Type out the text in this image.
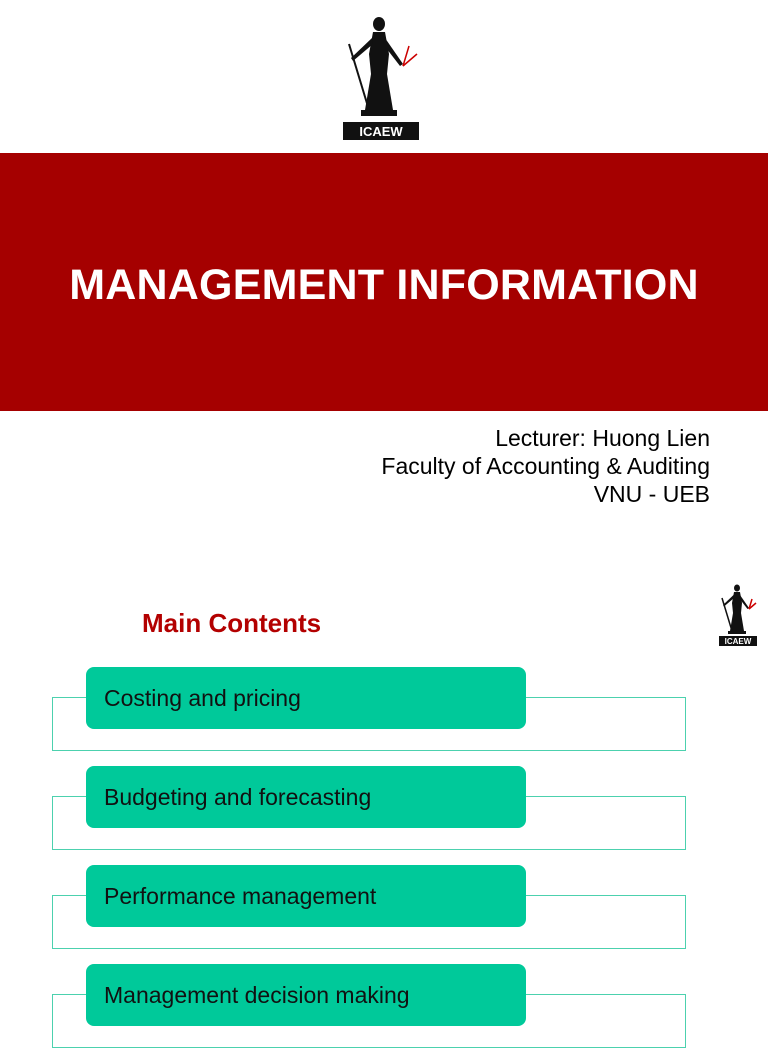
ICAEW
MANAGEMENT INFORMATION
Lecturer: Huong Lien
Faculty of Accounting & Auditing
VNU - UEB
ICAEW
Main Contents
Costing and pricing
Budgeting and forecasting
Performance management
Management decision making
